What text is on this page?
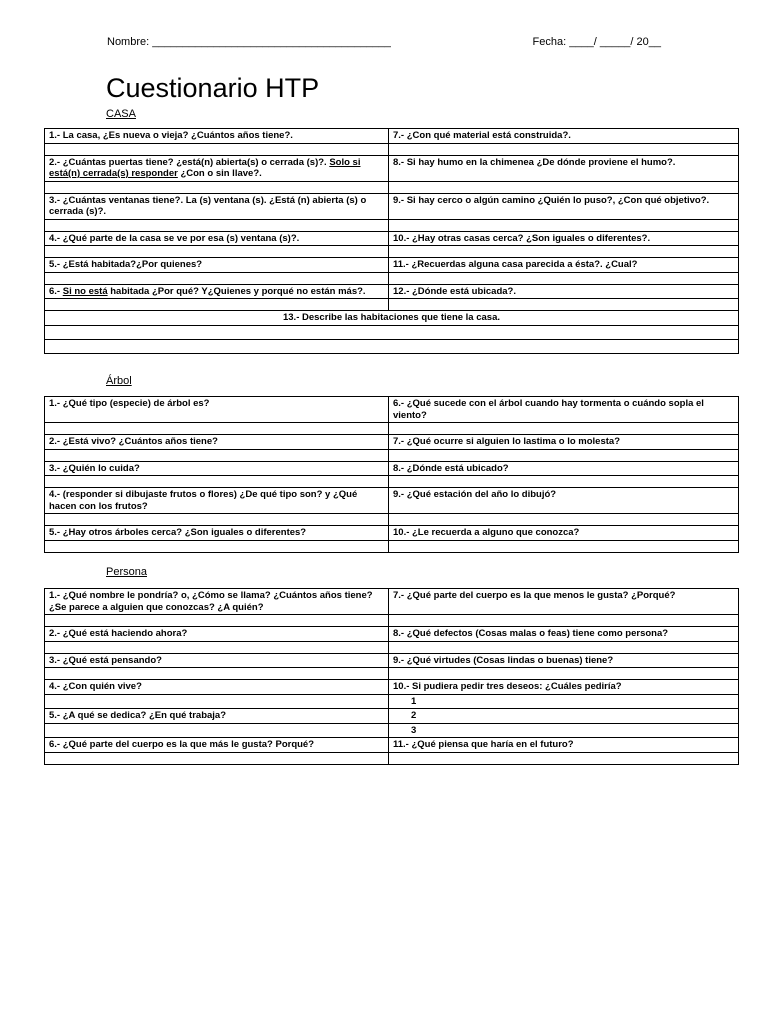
Nombre: _______________________________________	Fecha: ____/ _____/ 20__
Cuestionario HTP
CASA
1.- La casa, ¿Es nueva o vieja? ¿Cuántos años tiene?.	7.- ¿Con qué material está construida?.

2.- ¿Cuántas puertas tiene? ¿está(n) abierta(s) o cerrada (s)?. Solo si está(n) cerrada(s) responder ¿Con o sin llave?.	8.- Si hay humo en la chimenea ¿De dónde proviene el humo?.

3.- ¿Cuántas ventanas tiene?. La (s) ventana (s). ¿Está (n) abierta (s) o cerrada (s)?.	9.- Si hay cerco o algún camino ¿Quién lo puso?, ¿Con qué objetivo?.

4.- ¿Qué parte de la casa se ve por esa (s) ventana (s)?.	10.- ¿Hay otras casas cerca? ¿Son iguales o diferentes?.

5.- ¿Está habitada?¿Por quienes?	11.- ¿Recuerdas alguna casa parecida a ésta?. ¿Cual?

6.- Si no está habitada ¿Por qué? Y¿Quienes y porqué no están más?.	12.- ¿Dónde está ubicada?.

13.- Describe las habitaciones que tiene la casa.	

Árbol
1.- ¿Qué tipo (especie) de árbol es?	6.- ¿Qué sucede con el árbol cuando hay tormenta o cuándo sopla el viento?

2.- ¿Está vivo? ¿Cuántos años tiene?	7.- ¿Qué ocurre si alguien lo lastima o lo molesta?

3.- ¿Quién lo cuida?	8.- ¿Dónde está ubicado?

4.- (responder si dibujaste frutos o flores) ¿De qué tipo son? y ¿Qué hacen con los frutos?	9.- ¿Qué estación del año lo dibujó?

5.- ¿Hay otros árboles cerca? ¿Son iguales o diferentes?	10.- ¿Le recuerda a alguno que conozca?

Persona
1.- ¿Qué nombre le pondría? o, ¿Cómo se llama? ¿Cuántos años tiene? ¿Se parece a alguien que conozcas? ¿A quién?	7.- ¿Qué parte del cuerpo es la que menos le gusta? ¿Porqué?

2.- ¿Qué está haciendo ahora?	8.- ¿Qué defectos (Cosas malas o feas) tiene como persona?

3.- ¿Qué está pensando?	9.- ¿Qué virtudes (Cosas lindas o buenas) tiene?

4.- ¿Con quién vive?	10.- Si pudiera pedir tres deseos: ¿Cuáles pediría?
	1
5.- ¿A qué se dedica? ¿En qué trabaja?	2
	3
6.- ¿Qué parte del cuerpo es la que más le gusta? Porqué?	11.- ¿Qué piensa que haría en el futuro?
